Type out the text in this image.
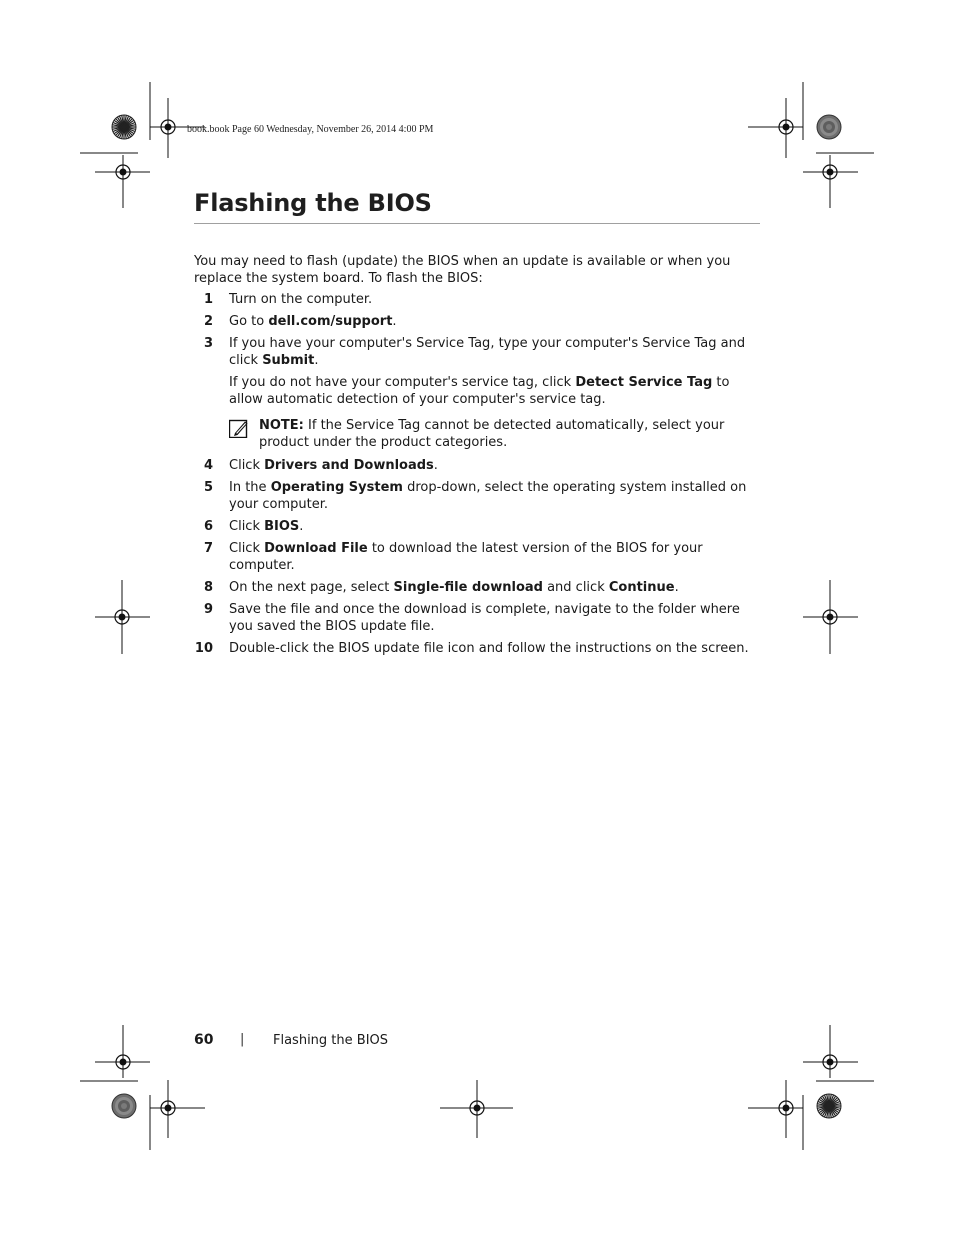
book.book Page 60 Wednesday, November 26, 2014 4:00 PM
Flashing the BIOS

You may need to flash (update) the BIOS when an update is available or when you replace the system board. To flash the BIOS:

1 Turn on the computer.
2 Go to dell.com/support.
3 If you have your computer's Service Tag, type your computer's Service Tag and click Submit.

If you do not have your computer's service tag, click Detect Service Tag to allow automatic detection of your computer's service tag.

NOTE: If the Service Tag cannot be detected automatically, select your product under the product categories.
4 Click Drivers and Downloads.
5 In the Operating System drop-down, select the operating system installed on your computer.
6 Click BIOS.
7 Click Download File to download the latest version of the BIOS for your computer.
8 On the next page, select Single-file download and click Continue.
9 Save the file and once the download is complete, navigate to the folder where you saved the BIOS update file.
10 Double-click the BIOS update file icon and follow the instructions on the screen.
60 | Flashing the BIOS
